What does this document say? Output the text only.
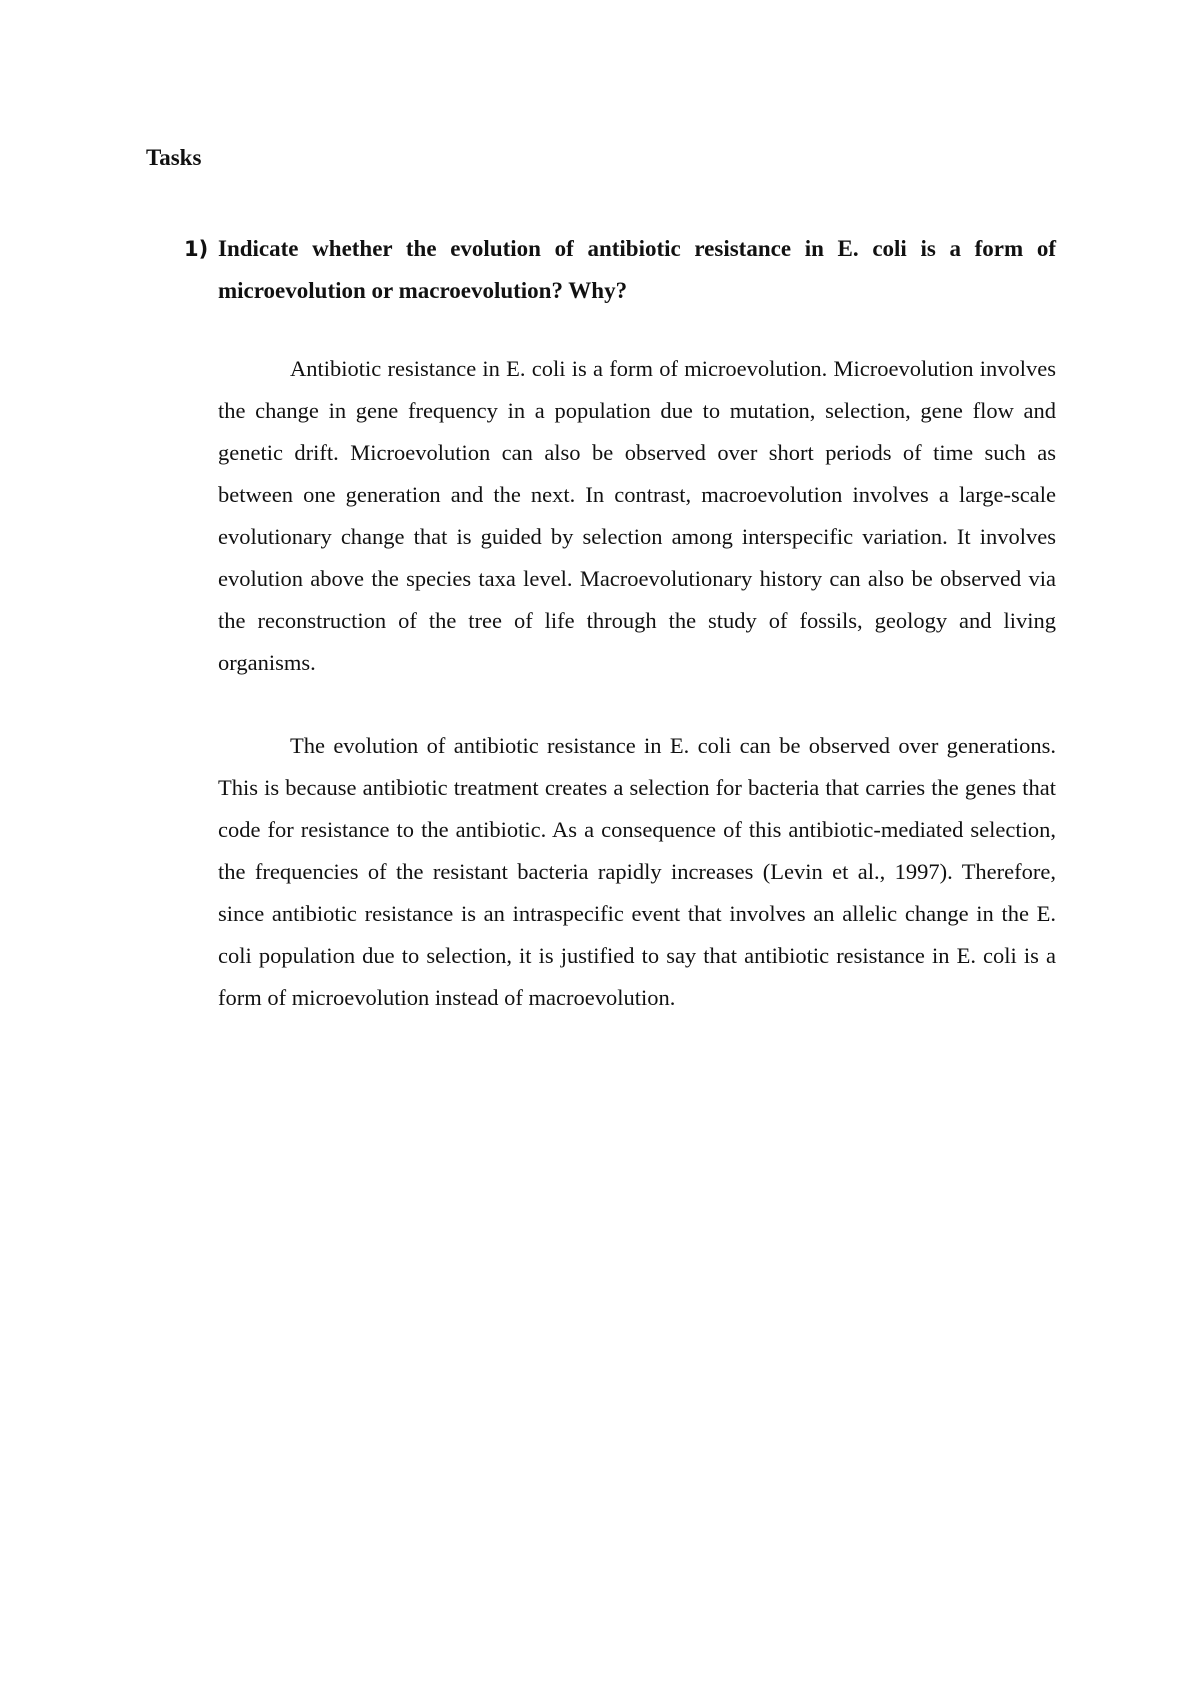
Tasks
1) Indicate whether the evolution of antibiotic resistance in E. coli is a form of microevolution or macroevolution? Why?

Antibiotic resistance in E. coli is a form of microevolution. Microevolution involves the change in gene frequency in a population due to mutation, selection, gene flow and genetic drift. Microevolution can also be observed over short periods of time such as between one generation and the next. In contrast, macroevolution involves a large-scale evolutionary change that is guided by selection among interspecific variation. It involves evolution above the species taxa level. Macroevolutionary history can also be observed via the reconstruction of the tree of life through the study of fossils, geology and living organisms.

The evolution of antibiotic resistance in E. coli can be observed over generations. This is because antibiotic treatment creates a selection for bacteria that carries the genes that code for resistance to the antibiotic. As a consequence of this antibiotic-mediated selection, the frequencies of the resistant bacteria rapidly increases (Levin et al., 1997). Therefore, since antibiotic resistance is an intraspecific event that involves an allelic change in the E. coli population due to selection, it is justified to say that antibiotic resistance in E. coli is a form of microevolution instead of macroevolution.
